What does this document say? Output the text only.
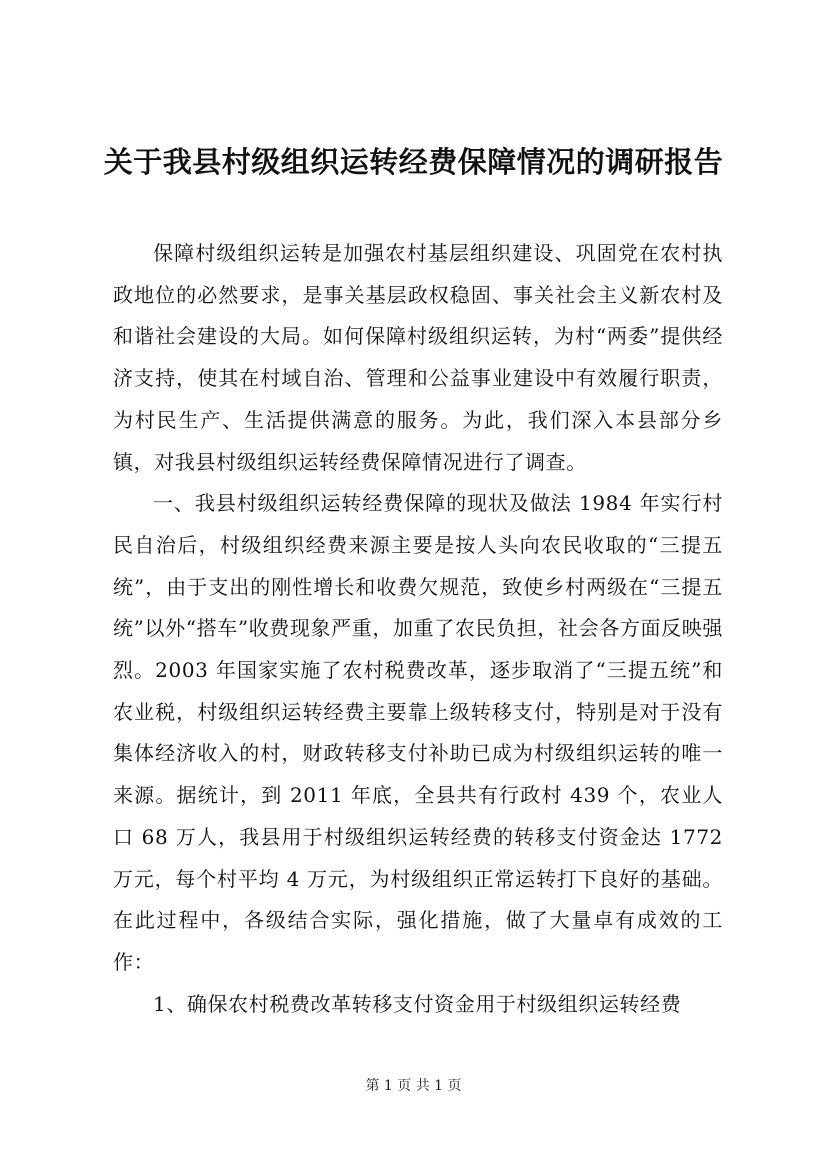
关于我县村级组织运转经费保障情况的调研报告

保障村级组织运转是加强农村基层组织建设、巩固党在农村执政地位的必然要求，是事关基层政权稳固、事关社会主义新农村及和谐社会建设的大局。如何保障村级组织运转，为村“两委”提供经济支持，使其在村域自治、管理和公益事业建设中有效履行职责，为村民生产、生活提供满意的服务。为此，我们深入本县部分乡镇，对我县村级组织运转经费保障情况进行了调查。

一、我县村级组织运转经费保障的现状及做法 1984 年实行村民自治后，村级组织经费来源主要是按人头向农民收取的“三提五统”，由于支出的刚性增长和收费欠规范，致使乡村两级在“三提五统”以外“搭车”收费现象严重，加重了农民负担，社会各方面反映强烈。2003 年国家实施了农村税费改革，逐步取消了“三提五统”和农业税，村级组织运转经费主要靠上级转移支付，特别是对于没有集体经济收入的村，财政转移支付补助已成为村级组织运转的唯一来源。据统计，到 2011 年底，全县共有行政村 439 个，农业人口 68 万人，我县用于村级组织运转经费的转移支付资金达 1772 万元，每个村平均 4 万元，为村级组织正常运转打下良好的基础。在此过程中，各级结合实际，强化措施，做了大量卓有成效的工作：

1、确保农村税费改革转移支付资金用于村级组织运转经费

第 1 页 共 1 页
